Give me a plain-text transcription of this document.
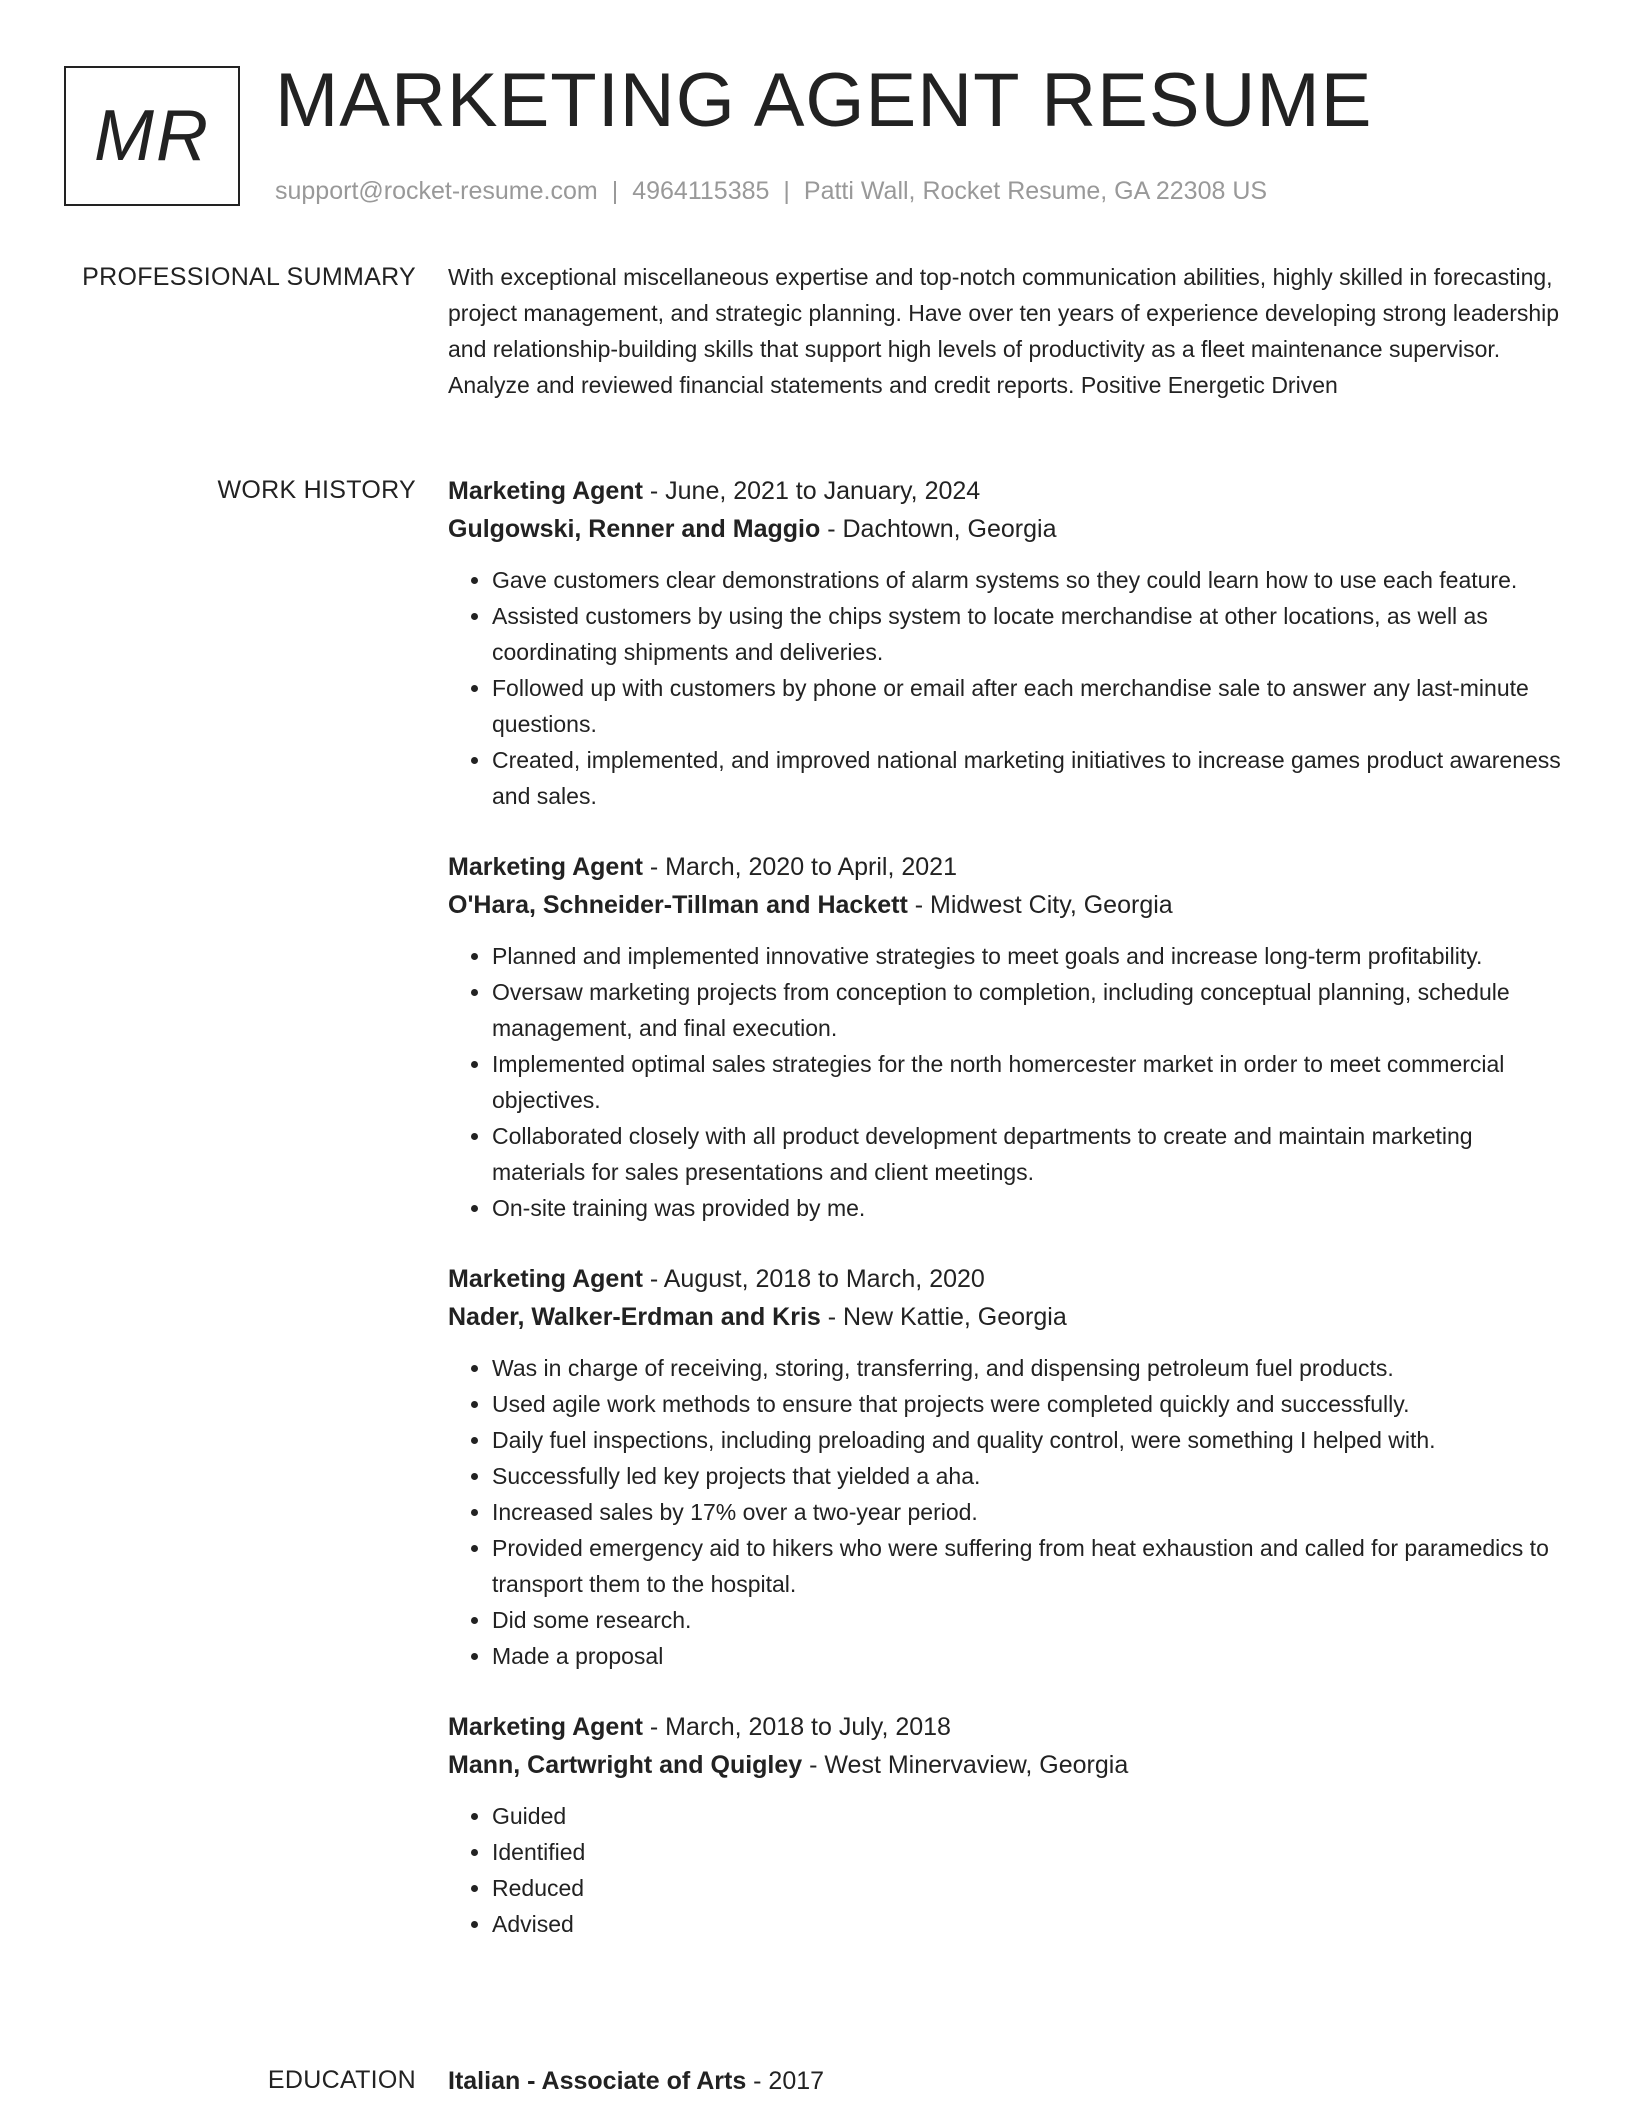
MR MARKETING AGENT RESUME
support@rocket-resume.com | 4964115385 | Patti Wall, Rocket Resume, GA 22308 US
PROFESSIONAL SUMMARY With exceptional miscellaneous expertise and top-notch communication abilities, highly skilled in forecasting, project management, and strategic planning. Have over ten years of experience developing strong leadership and relationship-building skills that support high levels of productivity as a fleet maintenance supervisor. Analyze and reviewed financial statements and credit reports. Positive Energetic Driven

WORK HISTORY Marketing Agent - June, 2021 to January, 2024
Gulgowski, Renner and Maggio - Dachtown, Georgia
• Gave customers clear demonstrations of alarm systems so they could learn how to use each feature.
• Assisted customers by using the chips system to locate merchandise at other locations, as well as coordinating shipments and deliveries.
• Followed up with customers by phone or email after each merchandise sale to answer any last-minute questions.
• Created, implemented, and improved national marketing initiatives to increase games product awareness and sales.
Marketing Agent - March, 2020 to April, 2021
O'Hara, Schneider-Tillman and Hackett - Midwest City, Georgia
• Planned and implemented innovative strategies to meet goals and increase long-term profitability.
• Oversaw marketing projects from conception to completion, including conceptual planning, schedule management, and final execution.
• Implemented optimal sales strategies for the north homercester market in order to meet commercial objectives.
• Collaborated closely with all product development departments to create and maintain marketing materials for sales presentations and client meetings.
• On-site training was provided by me.
Marketing Agent - August, 2018 to March, 2020
Nader, Walker-Erdman and Kris - New Kattie, Georgia
• Was in charge of receiving, storing, transferring, and dispensing petroleum fuel products.
• Used agile work methods to ensure that projects were completed quickly and successfully.
• Daily fuel inspections, including preloading and quality control, were something I helped with.
• Successfully led key projects that yielded a aha.
• Increased sales by 17% over a two-year period.
• Provided emergency aid to hikers who were suffering from heat exhaustion and called for paramedics to transport them to the hospital.
• Did some research.
• Made a proposal
Marketing Agent - March, 2018 to July, 2018
Mann, Cartwright and Quigley - West Minervaview, Georgia
• Guided
• Identified
• Reduced
• Advised
EDUCATION Italian - Associate of Arts - 2017
